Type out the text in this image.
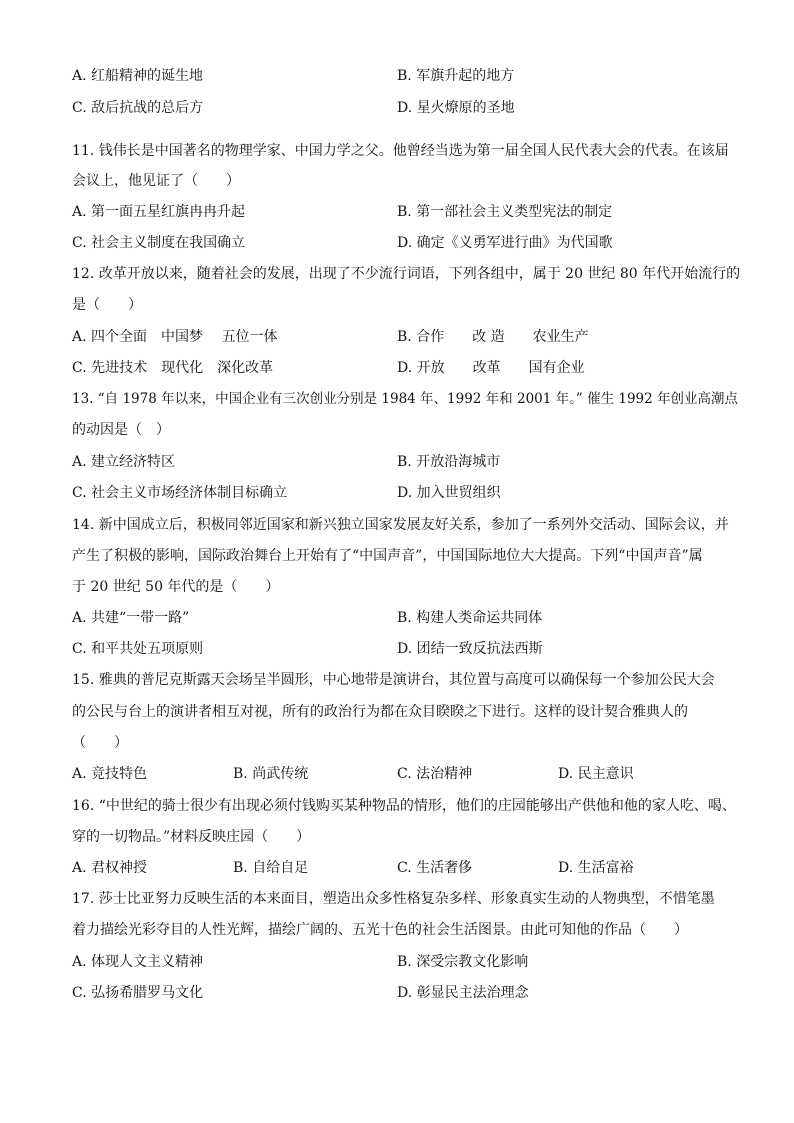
A. 红船精神的诞生地	B. 军旗升起的地方
C. 敌后抗战的总后方	D. 星火燎原的圣地
11. 钱伟长是中国著名的物理学家、中国力学之父。他曾经当选为第一届全国人民代表大会的代表。在该届
会议上，他见证了（　　）
A. 第一面五星红旗冉冉升起	B. 第一部社会主义类型宪法的制定
C. 社会主义制度在我国确立	D. 确定《义勇军进行曲》为代国歌
12. 改革开放以来，随着社会的发展，出现了不少流行词语，下列各组中，属于 20 世纪 80 年代开始流行的
是（　　）
A. 四个全面　中国梦　 五位一体	B. 合作　　改 造　　农业生产
C. 先进技术　现代化　深化改革	D. 开放　　改革　　国有企业
13. “自 1978 年以来，中国企业有三次创业分别是 1984 年、1992 年和 2001 年。” 催生 1992 年创业高潮点
的动因是（　）
A. 建立经济特区	B. 开放沿海城市
C. 社会主义市场经济体制目标确立	D. 加入世贸组织
14. 新中国成立后，积极同邻近国家和新兴独立国家发展友好关系，参加了一系列外交活动、国际会议，并
产生了积极的影响，国际政治舞台上开始有了“中国声音”，中国国际地位大大提高。下列“中国声音”属
于 20 世纪 50 年代的是（　　）
A. 共建“一带一路”	B. 构建人类命运共同体
C. 和平共处五项原则	D. 团结一致反抗法西斯
15. 雅典的普尼克斯露天会场呈半圆形，中心地带是演讲台，其位置与高度可以确保每一个参加公民大会
的公民与台上的演讲者相互对视，所有的政治行为都在众目睽睽之下进行。这样的设计契合雅典人的
（　　）
A. 竞技特色	B. 尚武传统	C. 法治精神	D. 民主意识
16. “中世纪的骑士很少有出现必须付钱购买某种物品的情形，他们的庄园能够出产供他和他的家人吃、喝、
穿的一切物品。”材料反映庄园（　　）
A. 君权神授	B. 自给自足	C. 生活奢侈	D. 生活富裕
17. 莎士比亚努力反映生活的本来面目，塑造出众多性格复杂多样、形象真实生动的人物典型，不惜笔墨
着力描绘光彩夺目的人性光辉，描绘广阔的、五光十色的社会生活图景。由此可知他的作品（　　）
A. 体现人文主义精神	B. 深受宗教文化影响
C. 弘扬希腊罗马文化	D. 彰显民主法治理念
